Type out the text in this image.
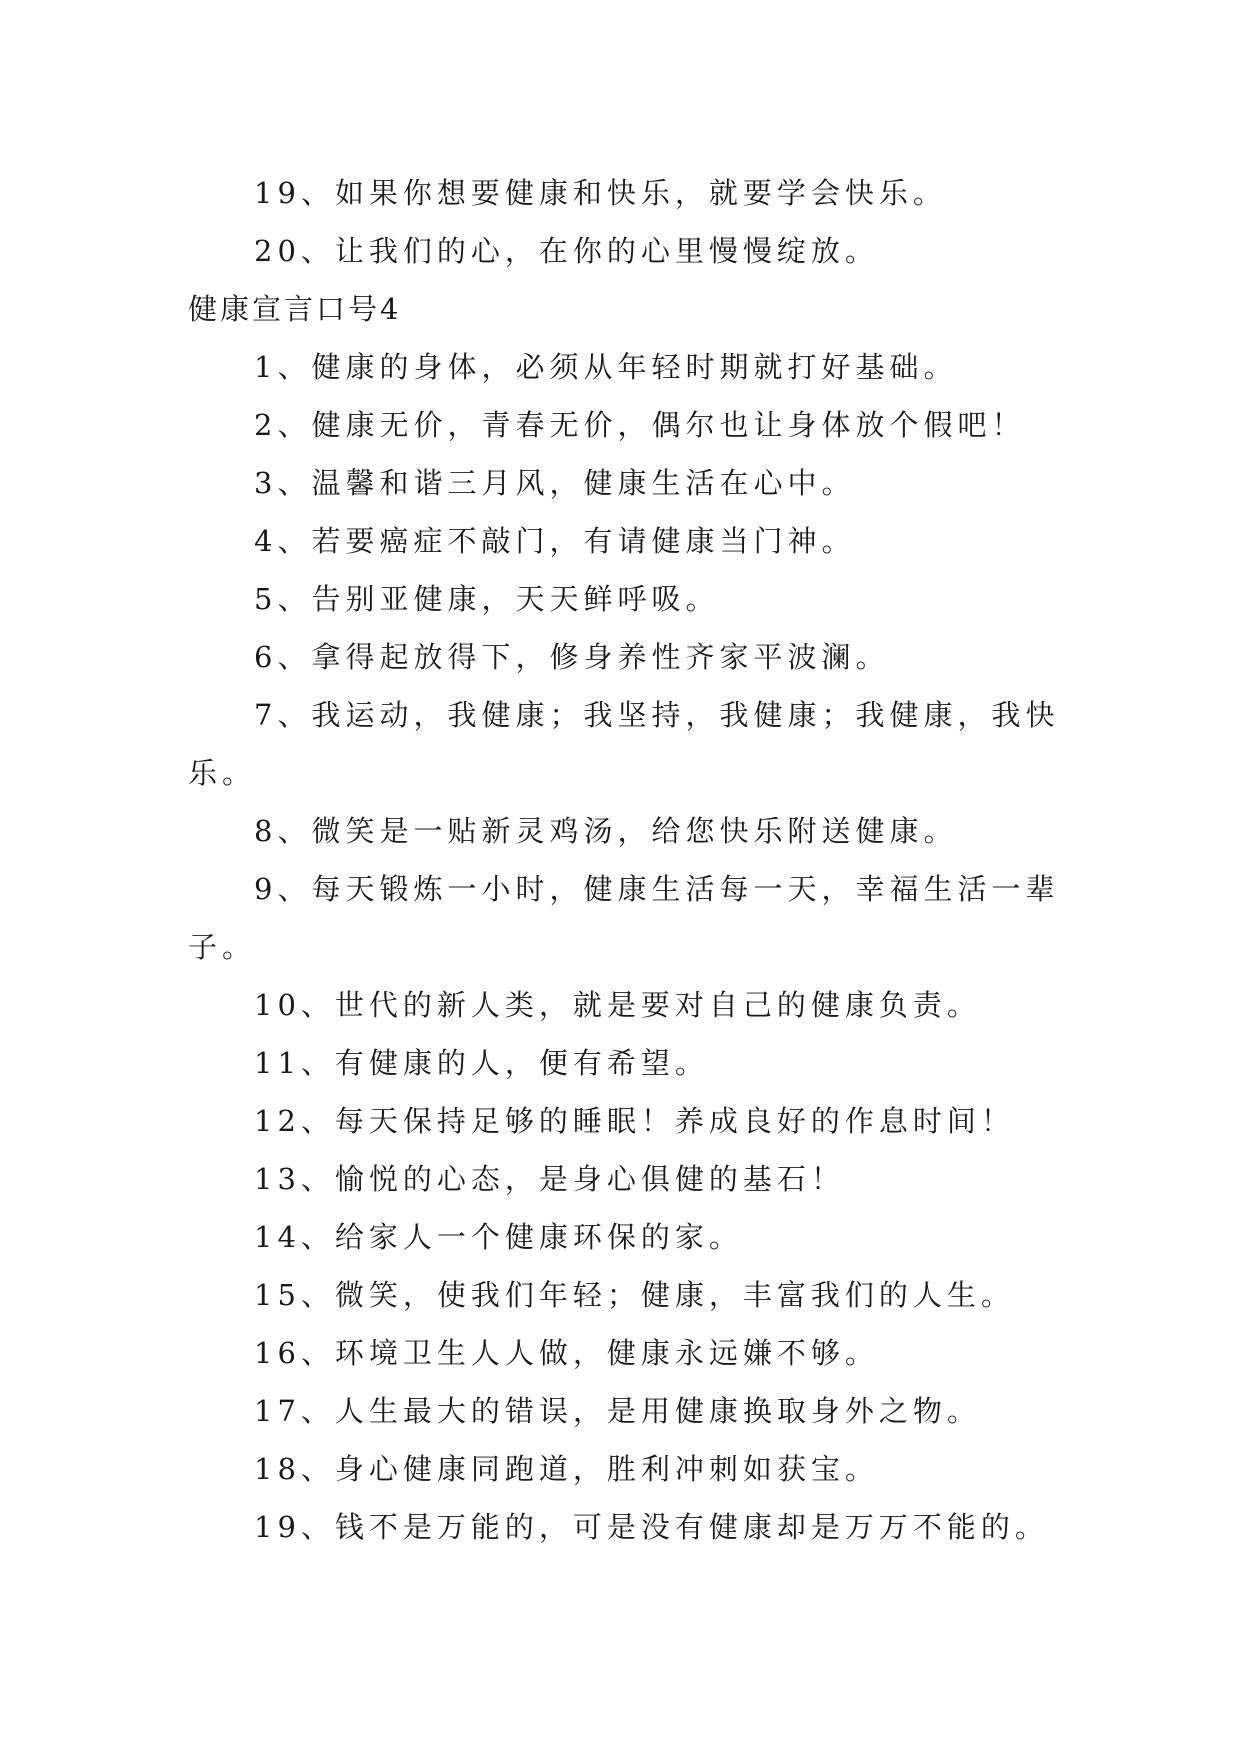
19、如果你想要健康和快乐，就要学会快乐。
20、让我们的心，在你的心里慢慢绽放。
健康宣言口号4
1、健康的身体，必须从年轻时期就打好基础。
2、健康无价，青春无价，偶尔也让身体放个假吧！
3、温馨和谐三月风，健康生活在心中。
4、若要癌症不敲门，有请健康当门神。
5、告别亚健康，天天鲜呼吸。
6、拿得起放得下，修身养性齐家平波澜。
7、我运动，我健康；我坚持，我健康；我健康，我快
乐。
8、微笑是一贴新灵鸡汤，给您快乐附送健康。
9、每天锻炼一小时，健康生活每一天，幸福生活一辈
子。
10、世代的新人类，就是要对自己的健康负责。
11、有健康的人，便有希望。
12、每天保持足够的睡眠！养成良好的作息时间！
13、愉悦的心态，是身心俱健的基石！
14、给家人一个健康环保的家。
15、微笑，使我们年轻；健康，丰富我们的人生。
16、环境卫生人人做，健康永远嫌不够。
17、人生最大的错误，是用健康换取身外之物。
18、身心健康同跑道，胜利冲刺如获宝。
19、钱不是万能的，可是没有健康却是万万不能的。
